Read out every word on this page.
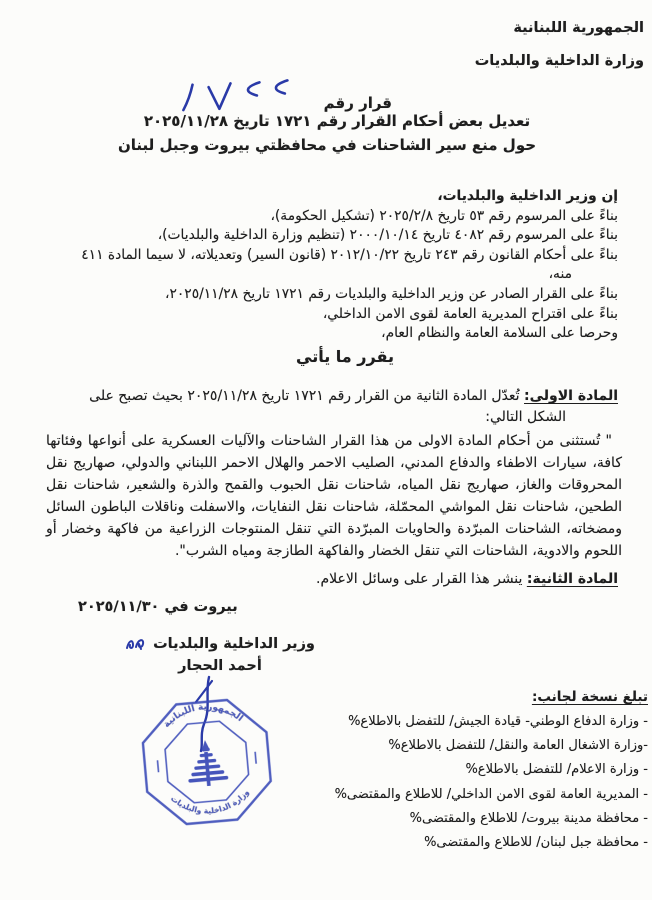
الجمهورية اللبنانية
وزارة الداخلية والبلديات
قرار رقم
تعديل بعض أحكام القرار رقم ١٧٢١ تاريخ ٢٠٢٥/١١/٢٨
حول منع سير الشاحنات في محافظتي بيروت وجبل لبنان
إن وزير الداخلية والبلديات،
بناءً على المرسوم رقم ٥٣ تاريخ ٢٠٢٥/٢/٨ (تشكيل الحكومة)،
بناءً على المرسوم رقم ٤٠٨٢ تاريخ ٢٠٠٠/١٠/١٤ (تنظيم وزارة الداخلية والبلديات)،
بناءً على أحكام القانون رقم ٢٤٣ تاريخ ٢٠١٢/١٠/٢٢ (قانون السير) وتعديلاته، لا سيما المادة ٤١١ منه،
بناءً على القرار الصادر عن وزير الداخلية والبلديات رقم ١٧٢١ تاريخ ٢٠٢٥/١١/٢٨،
بناءً على اقتراح المديرية العامة لقوى الامن الداخلي،
وحرصا على السلامة العامة والنظام العام،
يقرر ما يأتي
المادة الاولى: تُعدّل المادة الثانية من القرار رقم ١٧٢١ تاريخ ٢٠٢٥/١١/٢٨ بحيث تصبح على الشكل التالي:
" تُستثنى من أحكام المادة الاولى من هذا القرار الشاحنات والآليات العسكرية على أنواعها وفئاتها كافة، سيارات الاطفاء والدفاع المدني، الصليب الاحمر والهلال الاحمر اللبناني والدولي، صهاريج نقل المحروقات والغاز، صهاريج نقل المياه، شاحنات نقل الحبوب والقمح والذرة والشعير، شاحنات نقل الطحين، شاحنات نقل المواشي المحمّلة، شاحنات نقل النفايات، والاسفلت وناقلات الباطون السائل ومضخاته، الشاحنات المبرّدة والحاويات المبرّدة التي تنقل المنتوجات الزراعية من فاكهة وخضار أو اللحوم والادوية، الشاحنات التي تنقل الخضار والفاكهة الطازجة ومياه الشرب".
المادة الثانية: ينشر هذا القرار على وسائل الاعلام.
بيروت في ٢٠٢٥/١١/٣٠
وزير الداخلية والبلديات
أحمد الحجار
الجمهورية اللبنانية
وزارة الداخلية والبلديات
تبلغ نسخة لجانب:
- وزارة الدفاع الوطني- قيادة الجيش/ للتفضل بالاطلاع%
-وزارة الاشغال العامة والنقل/ للتفضل بالاطلاع%
- وزارة الاعلام/ للتفضل بالاطلاع%
- المديرية العامة لقوى الامن الداخلي/ للاطلاع والمقتضى%
- محافظة مدينة بيروت/ للاطلاع والمقتضى%
- محافظة جبل لبنان/ للاطلاع والمقتضى%
